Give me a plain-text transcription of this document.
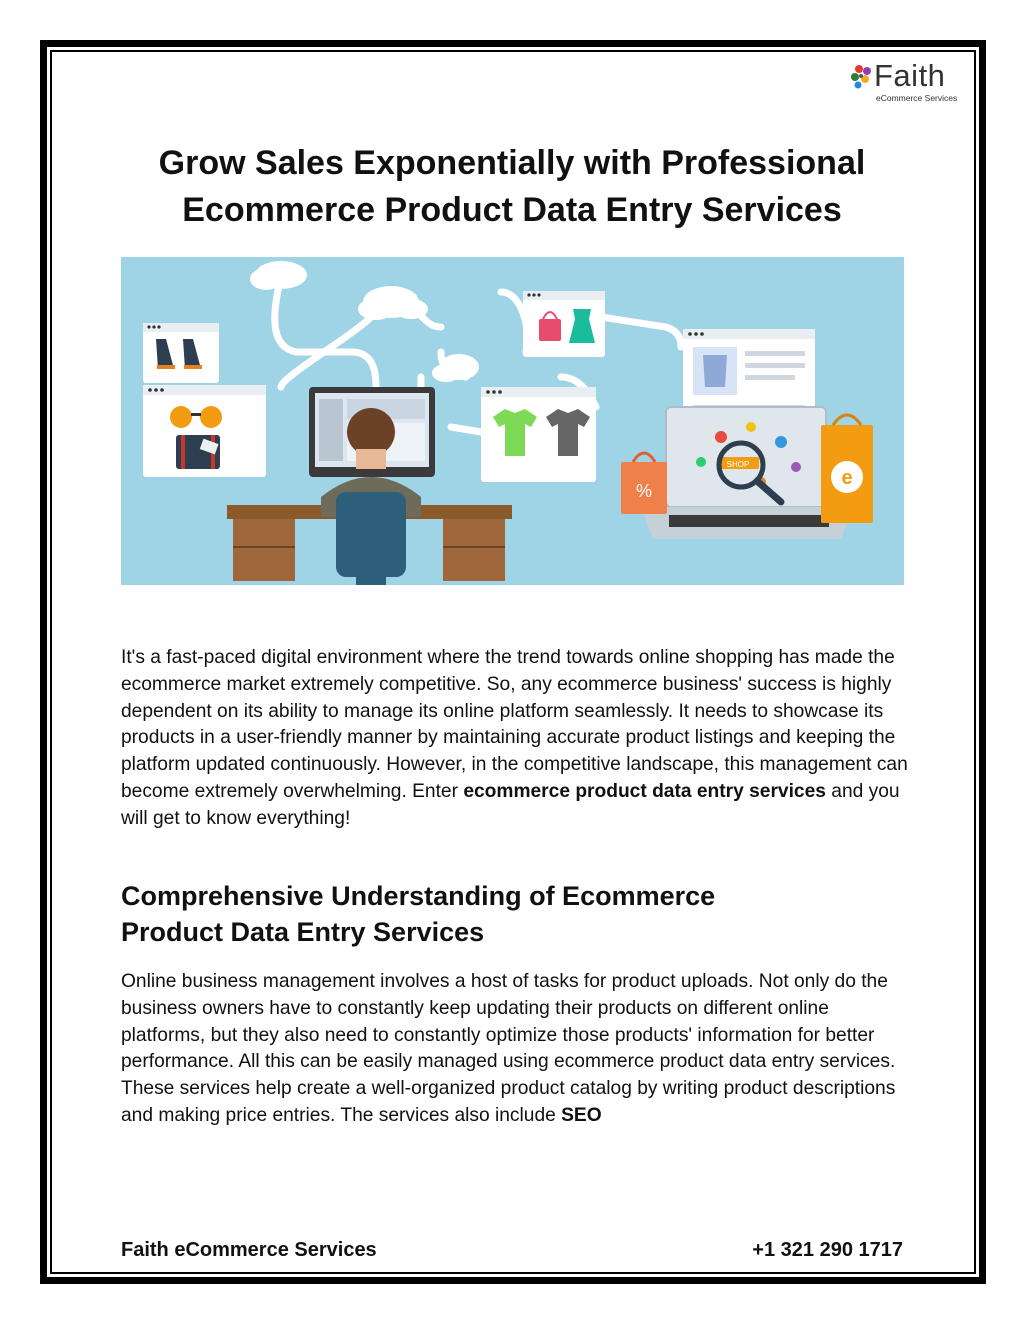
Faith
eCommerce Services
Grow Sales Exponentially with Professional
Ecommerce Product Data Entry Services
SHOP
%
e

It's a fast-paced digital environment where the trend towards online shopping has made the ecommerce market extremely competitive. So, any ecommerce business' success is highly dependent on its ability to manage its online platform seamlessly. It needs to showcase its products in a user-friendly manner by maintaining accurate product listings and keeping the platform updated continuously. However, in the competitive landscape, this management can become extremely overwhelming. Enter ecommerce product data entry services and you will get to know everything!

Comprehensive Understanding of Ecommerce
Product Data Entry Services

Online business management involves a host of tasks for product uploads. Not only do the business owners have to constantly keep updating their products on different online platforms, but they also need to constantly optimize those products' information for better performance. All this can be easily managed using ecommerce product data entry services. These services help create a well-organized product catalog by writing product descriptions and making price entries. The services also include SEO

Faith eCommerce Services	+1 321 290 1717
